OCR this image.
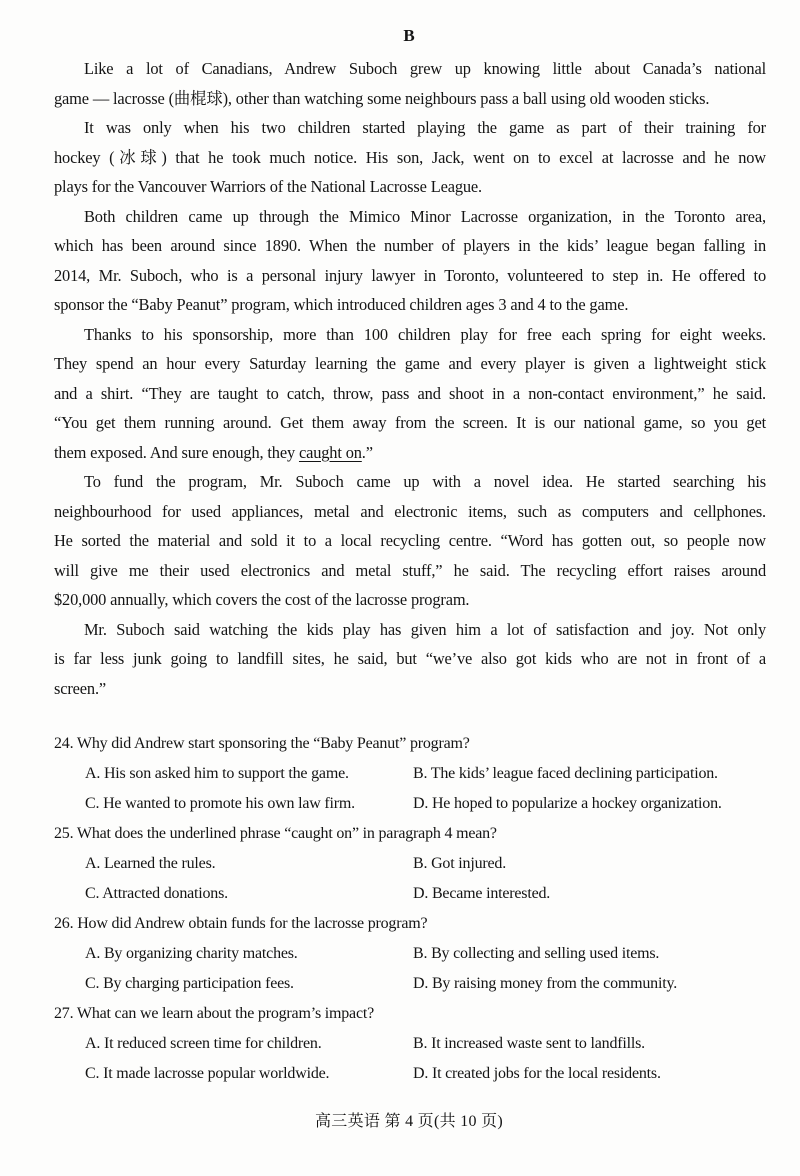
B

Like a lot of Canadians, Andrew Suboch grew up knowing little about Canada’s national
game — lacrosse (曲棍球), other than watching some neighbours pass a ball using old wooden sticks.

It was only when his two children started playing the game as part of their training for
hockey (冰球) that he took much notice. His son, Jack, went on to excel at lacrosse and he now
plays for the Vancouver Warriors of the National Lacrosse League.

Both children came up through the Mimico Minor Lacrosse organization, in the Toronto area,
which has been around since 1890. When the number of players in the kids’ league began falling in
2014, Mr. Suboch, who is a personal injury lawyer in Toronto, volunteered to step in. He offered to
sponsor the “Baby Peanut” program, which introduced children ages 3 and 4 to the game.

Thanks to his sponsorship, more than 100 children play for free each spring for eight weeks.
They spend an hour every Saturday learning the game and every player is given a lightweight stick
and a shirt. “They are taught to catch, throw, pass and shoot in a non-contact environment,” he said.
“You get them running around. Get them away from the screen. It is our national game, so you get
them exposed. And sure enough, they caught on.”

To fund the program, Mr. Suboch came up with a novel idea. He started searching his
neighbourhood for used appliances, metal and electronic items, such as computers and cellphones.
He sorted the material and sold it to a local recycling centre. “Word has gotten out, so people now
will give me their used electronics and metal stuff,” he said. The recycling effort raises around
$20,000 annually, which covers the cost of the lacrosse program.

Mr. Suboch said watching the kids play has given him a lot of satisfaction and joy. Not only
is far less junk going to landfill sites, he said, but “we’ve also got kids who are not in front of a
screen.”

24. Why did Andrew start sponsoring the “Baby Peanut” program?
A. His son asked him to support the game.	B. The kids’ league faced declining participation.
C. He wanted to promote his own law firm.	D. He hoped to popularize a hockey organization.
25. What does the underlined phrase “caught on” in paragraph 4 mean?
A. Learned the rules.	B. Got injured.
C. Attracted donations.	D. Became interested.
26. How did Andrew obtain funds for the lacrosse program?
A. By organizing charity matches.	B. By collecting and selling used items.
C. By charging participation fees.	D. By raising money from the community.
27. What can we learn about the program’s impact?
A. It reduced screen time for children.	B. It increased waste sent to landfills.
C. It made lacrosse popular worldwide.	D. It created jobs for the local residents.
高三英语 第 4 页(共 10 页)
